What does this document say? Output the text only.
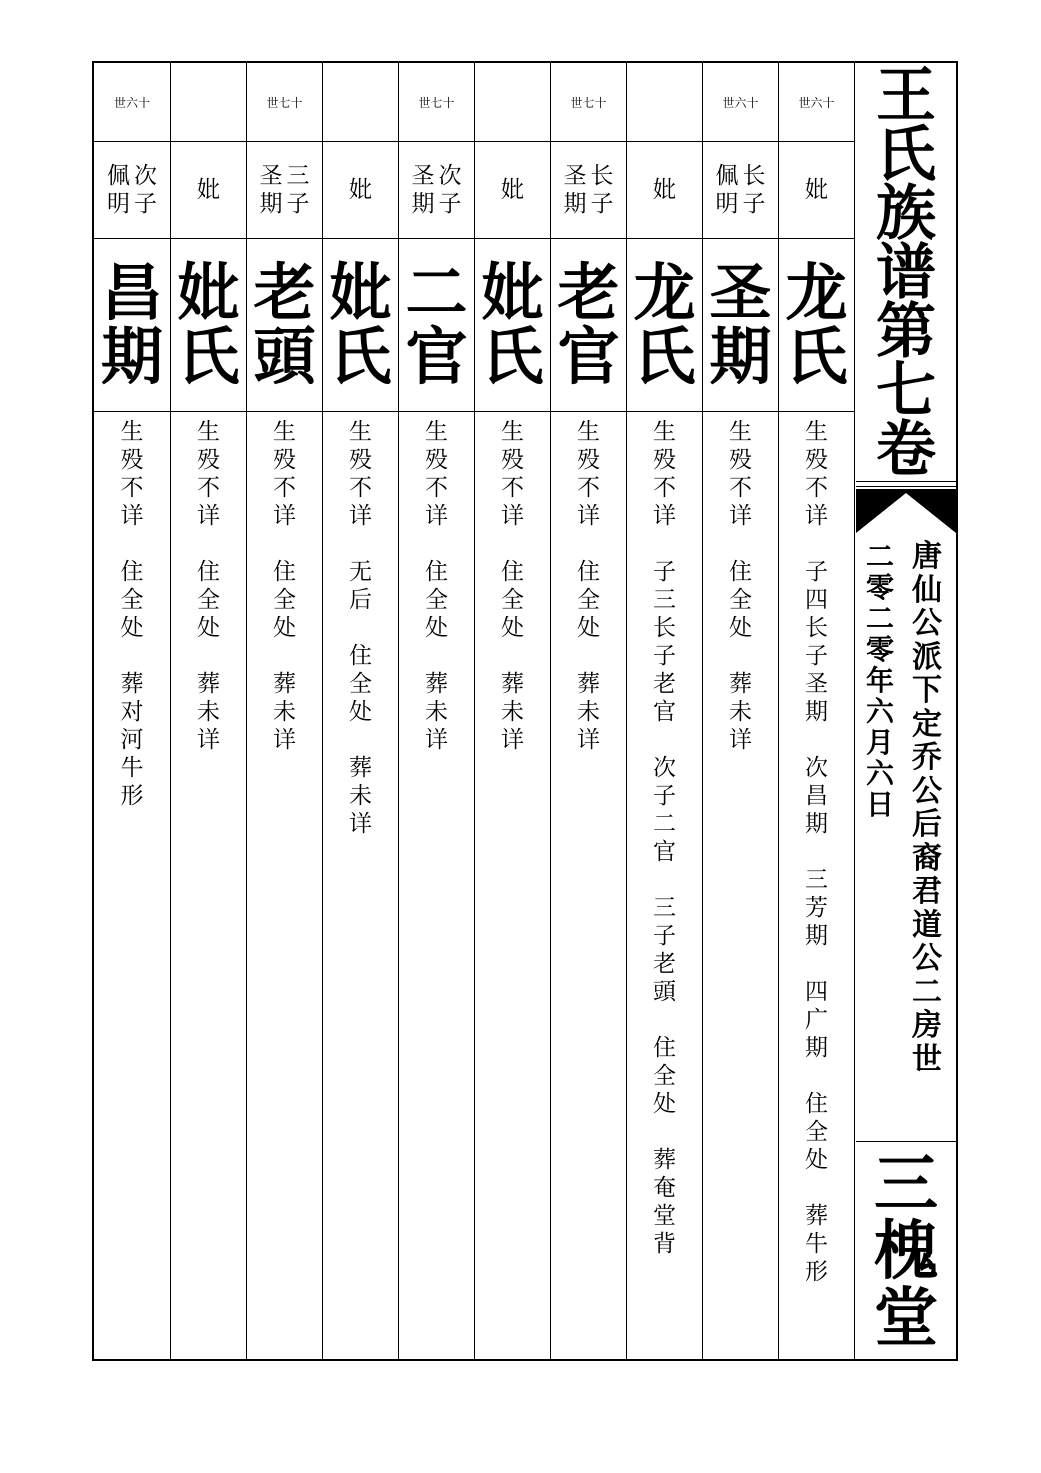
世六十
妣
龙
氏
生
殁
不
详
子
四
长
子
圣
期
次
昌
期
三
芳
期
四
广
期
住
全
处
葬
牛
形
世六十
长
子
佩
明
圣
期
生
殁
不
详
住
全
处
葬
未
详
妣
龙
氏
生
殁
不
详
子
三
长
子
老
官
次
子
二
官
三
子
老
頭
住
全
处
葬
奄
堂
背
世七十
长
子
圣
期
老
官
生
殁
不
详
住
全
处
葬
未
详
妣
妣
氏
生
殁
不
详
住
全
处
葬
未
详
世七十
次
子
圣
期
二
官
生
殁
不
详
住
全
处
葬
未
详
妣
妣
氏
生
殁
不
详
无
后
住
全
处
葬
未
详
世七十
三
子
圣
期
老
頭
生
殁
不
详
住
全
处
葬
未
详
妣
妣
氏
生
殁
不
详
住
全
处
葬
未
详
世六十
次
子
佩
明
昌
期
生
殁
不
详
住
全
处
葬
对
河
牛
形
王
氏
族
谱
第
七
卷
唐
仙
公
派
下
定
乔
公
后
裔
君
道
公
二
房
世
二
零
二
零
年
六
月
六
日
三
槐
堂
